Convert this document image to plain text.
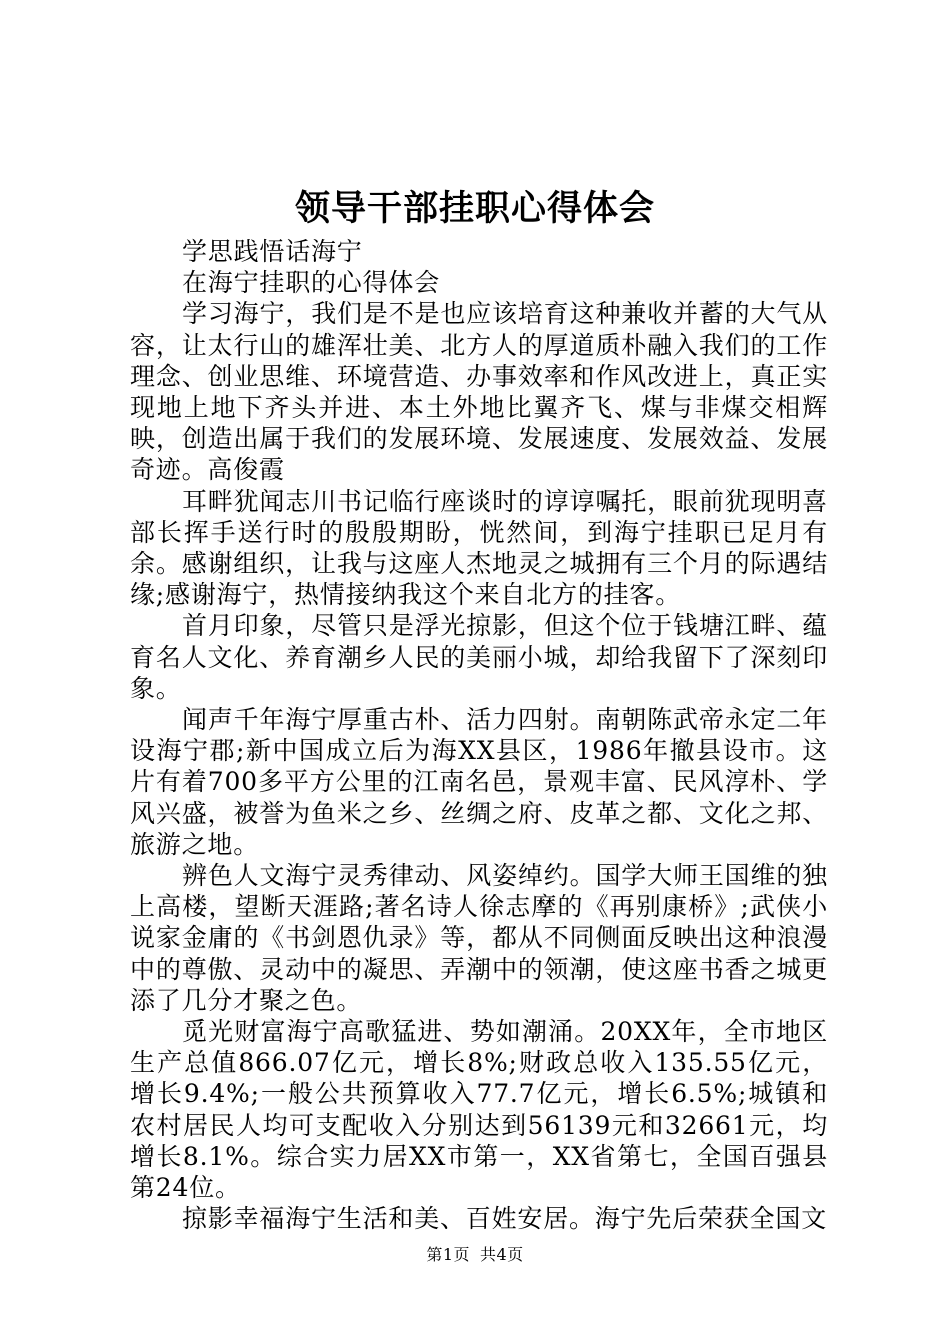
领导干部挂职心得体会

学思践悟话海宁

在海宁挂职的心得体会

学习海宁，我们是不是也应该培育这种兼收并蓄的大气从容，让太行山的雄浑壮美、北方人的厚道质朴融入我们的工作理念、创业思维、环境营造、办事效率和作风改进上，真正实现地上地下齐头并进、本土外地比翼齐飞、煤与非煤交相辉映，创造出属于我们的发展环境、发展速度、发展效益、发展奇迹。高俊霞

耳畔犹闻志川书记临行座谈时的谆谆嘱托，眼前犹现明喜部长挥手送行时的殷殷期盼，恍然间，到海宁挂职已足月有余。感谢组织，让我与这座人杰地灵之城拥有三个月的际遇结缘;感谢海宁，热情接纳我这个来自北方的挂客。

首月印象，尽管只是浮光掠影，但这个位于钱塘江畔、蕴育名人文化、养育潮乡人民的美丽小城，却给我留下了深刻印象。

闻声千年海宁厚重古朴、活力四射。南朝陈武帝永定二年设海宁郡;新中国成立后为海XX县区，1986年撤县设市。这片有着700多平方公里的江南名邑，景观丰富、民风淳朴、学风兴盛，被誉为鱼米之乡、丝绸之府、皮革之都、文化之邦、旅游之地。

辨色人文海宁灵秀律动、风姿绰约。国学大师王国维的独上高楼，望断天涯路;著名诗人徐志摩的《再别康桥》;武侠小说家金庸的《书剑恩仇录》等，都从不同侧面反映出这种浪漫中的尊傲、灵动中的凝思、弄潮中的领潮，使这座书香之城更添了几分才聚之色。

觅光财富海宁高歌猛进、势如潮涌。20XX年，全市地区生产总值866.07亿元，增长8%;财政总收入135.55亿元，增长9.4%;一般公共预算收入77.7亿元，增长6.5%;城镇和农村居民人均可支配收入分别达到56139元和32661元，均增长8.1%。综合实力居XX市第一，XX省第七，全国百强县第24位。

掠影幸福海宁生活和美、百姓安居。海宁先后荣获全国文

第1页 共4页
